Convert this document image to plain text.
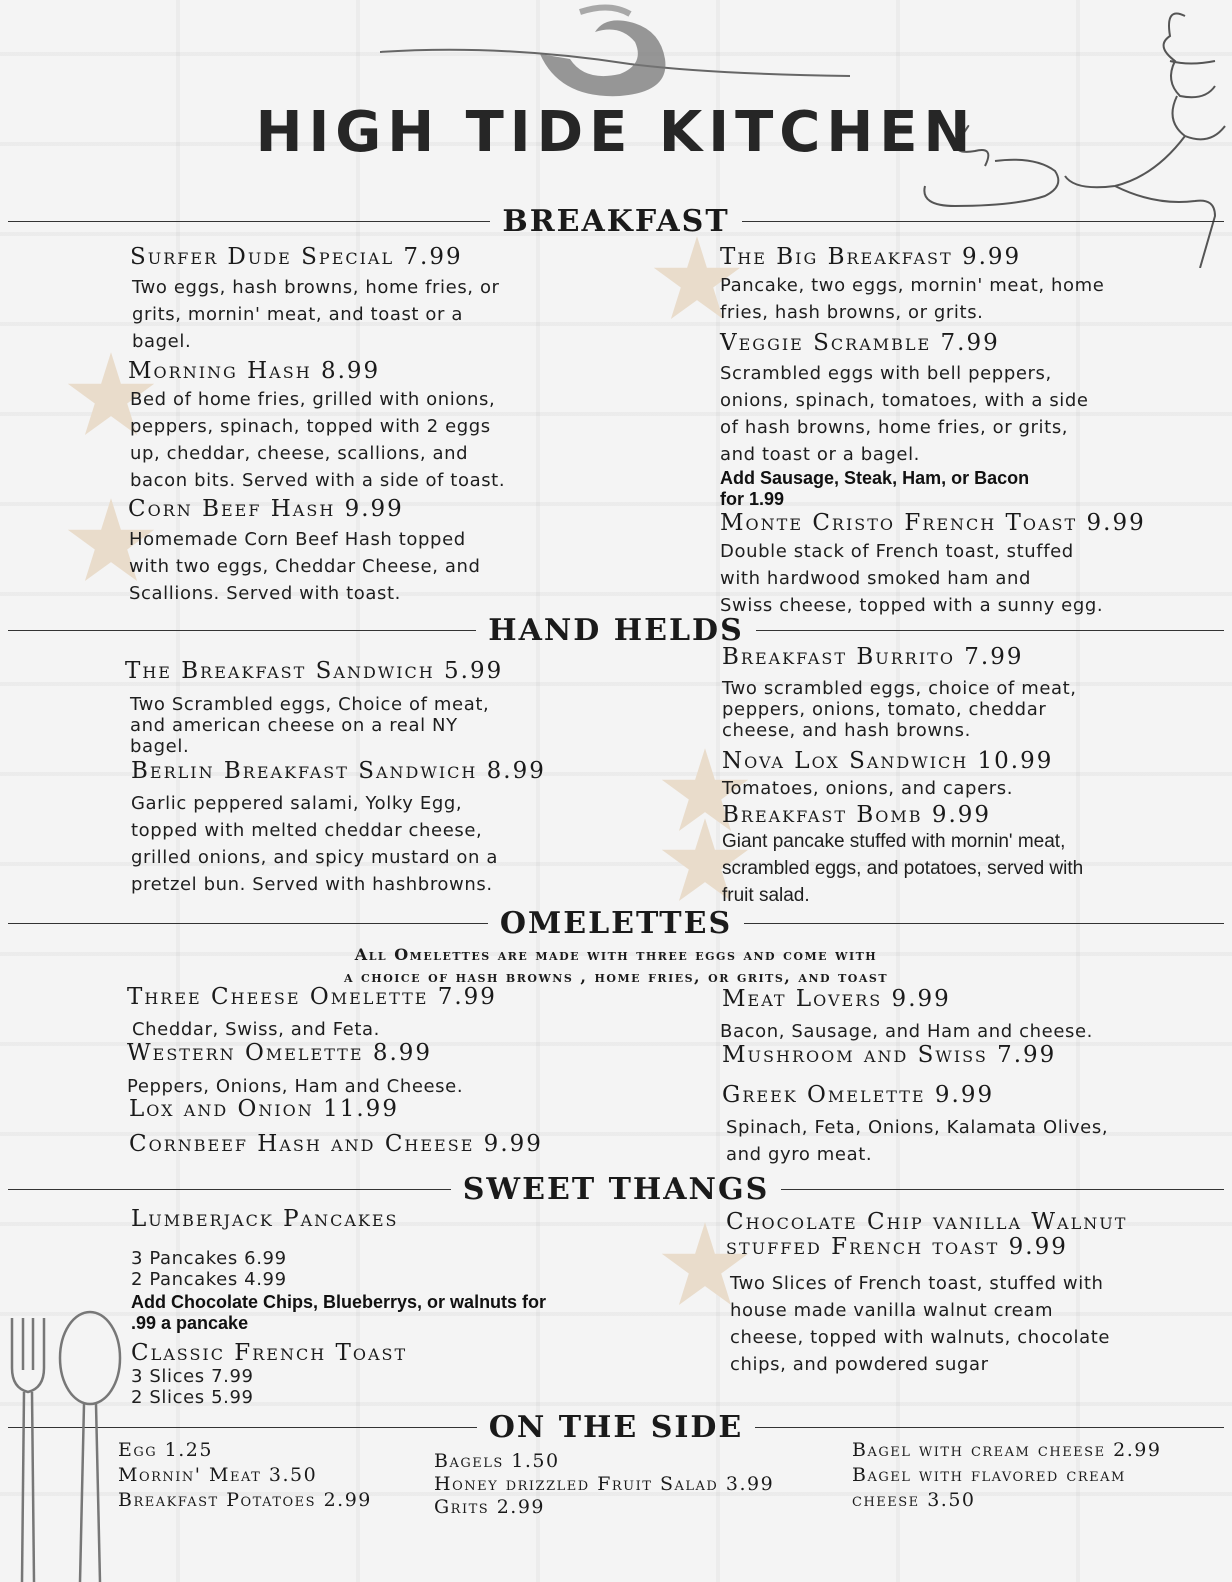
HIGH TIDE KITCHEN
BREAKFAST
HAND HELDS
OMELETTES
SWEET THANGS
ON THE SIDE
Surfer Dude Special 7.99
Two eggs, hash browns, home fries, or
grits, mornin' meat, and toast or a
bagel.
Morning Hash 8.99
Bed of home fries, grilled with onions,
peppers, spinach, topped with 2 eggs
up, cheddar, cheese, scallions, and
bacon bits. Served with a side of toast.
Corn Beef Hash 9.99
Homemade Corn Beef Hash topped
with two eggs, Cheddar Cheese, and
Scallions. Served with toast.
The Big Breakfast 9.99
Pancake, two eggs, mornin' meat, home
fries, hash browns, or grits.
Veggie Scramble 7.99
Scrambled eggs with bell peppers,
onions, spinach, tomatoes, with a side
of hash browns, home fries, or grits,
and toast or a bagel.
Add Sausage, Steak, Ham, or Bacon
for 1.99
Monte Cristo French Toast 9.99
Double stack of French toast, stuffed
with hardwood smoked ham and
Swiss cheese, topped with a sunny egg.
The Breakfast Sandwich 5.99
Two Scrambled eggs, Choice of meat,
and american cheese on a real NY
bagel.
Berlin Breakfast Sandwich 8.99
Garlic peppered salami, Yolky Egg,
topped with melted cheddar cheese,
grilled onions, and spicy mustard on a
pretzel bun. Served with hashbrowns.
Breakfast Burrito 7.99
Two scrambled eggs, choice of meat,
peppers, onions, tomato, cheddar
cheese, and hash browns.
Nova Lox Sandwich 10.99
Tomatoes, onions, and capers.
Breakfast Bomb 9.99
Giant pancake stuffed with mornin' meat,
scrambled eggs, and potatoes, served with
fruit salad.
All Omelettes are made with three eggs and come with
a choice of hash browns , home fries, or grits, and toast
Three Cheese Omelette 7.99
Cheddar, Swiss, and Feta.
Western Omelette 8.99
Peppers, Onions, Ham and Cheese.
Lox and Onion 11.99
Cornbeef Hash and Cheese 9.99
Meat Lovers 9.99
Bacon, Sausage, and Ham and cheese.
Mushroom and Swiss 7.99
Greek Omelette 9.99
Spinach, Feta, Onions, Kalamata Olives,
and gyro meat.
Lumberjack Pancakes
3 Pancakes 6.99
2 Pancakes 4.99
Add Chocolate Chips, Blueberrys, or walnuts for
.99 a pancake
Classic French Toast
3 Slices 7.99
2 Slices 5.99
Chocolate Chip vanilla Walnut
stuffed French toast 9.99
Two Slices of French toast, stuffed with
house made vanilla walnut cream
cheese, topped with walnuts, chocolate
chips, and powdered sugar
Egg 1.25
Mornin' Meat 3.50
Breakfast Potatoes 2.99
Bagels 1.50
Honey drizzled Fruit Salad 3.99
Grits 2.99
Bagel with cream cheese 2.99
Bagel with flavored cream
cheese 3.50
